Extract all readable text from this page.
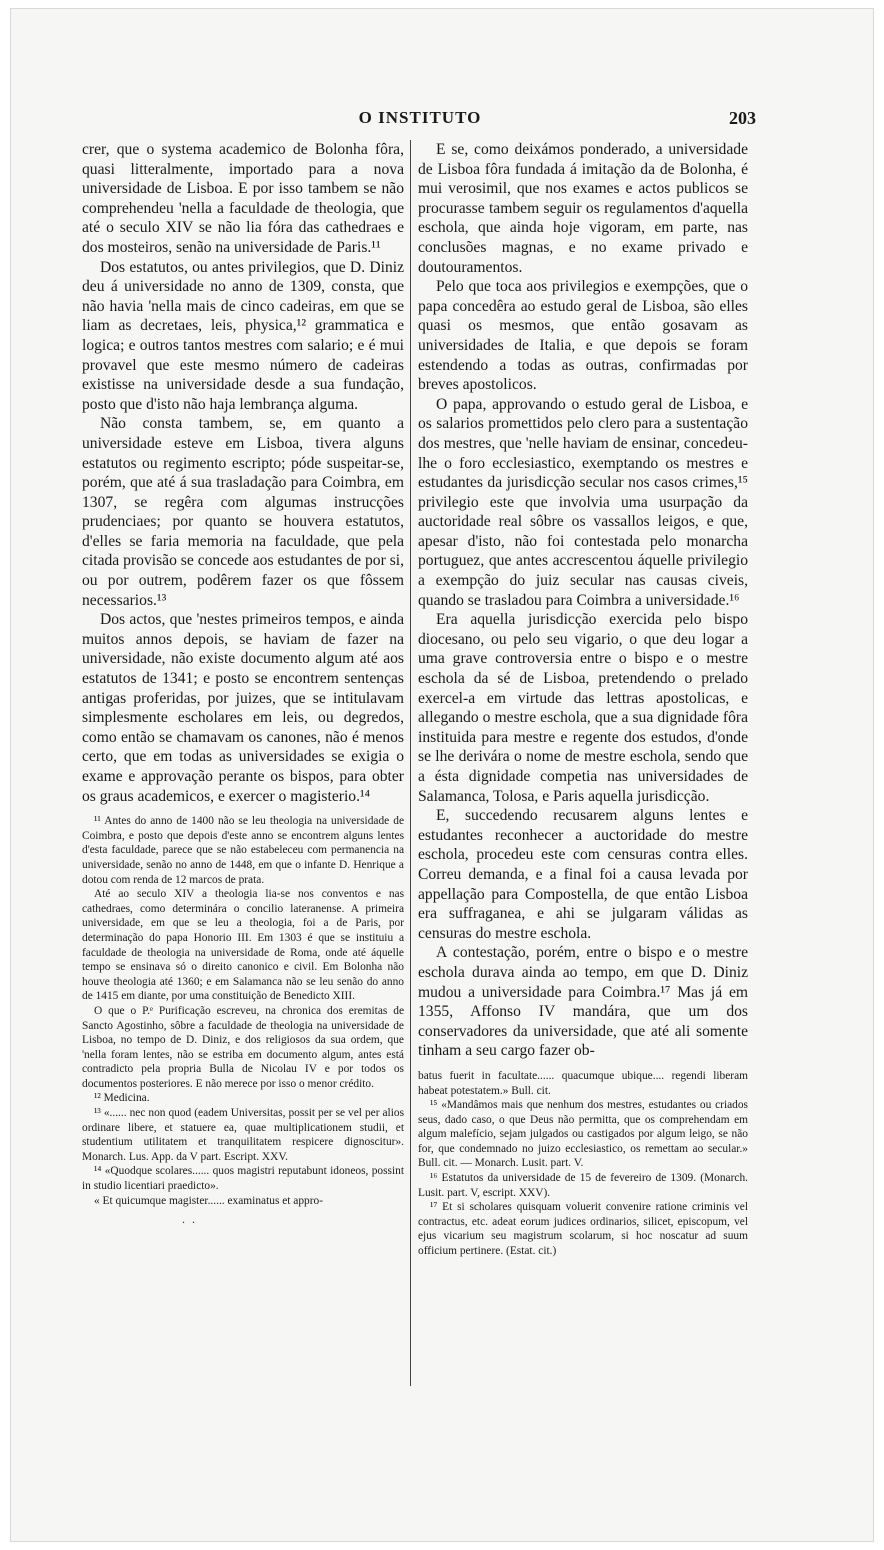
O INSTITUTO	203

crer, que o systema academico de Bolonha fôra, quasi litteralmente, importado para a nova universidade de Lisboa. E por isso tambem se não comprehendeu 'nella a faculdade de theologia, que até o seculo XIV se não lia fóra das cathedraes e dos mosteiros, senão na universidade de Paris.¹¹

Dos estatutos, ou antes privilegios, que D. Diniz deu á universidade no anno de 1309, consta, que não havia 'nella mais de cinco cadeiras, em que se liam as decretaes, leis, physica,¹² grammatica e logica; e outros tantos mestres com salario; e é mui provavel que este mesmo número de cadeiras existisse na universidade desde a sua fundação, posto que d'isto não haja lembrança alguma.

Não consta tambem, se, em quanto a universidade esteve em Lisboa, tivera alguns estatutos ou regimento escripto; póde suspeitar-se, porém, que até á sua trasladação para Coimbra, em 1307, se regêra com algumas instrucções prudenciaes; por quanto se houvera estatutos, d'elles se faria memoria na faculdade, que pela citada provisão se concede aos estudantes de por si, ou por outrem, podêrem fazer os que fôssem necessarios.¹³

Dos actos, que 'nestes primeiros tempos, e ainda muitos annos depois, se haviam de fazer na universidade, não existe documento algum até aos estatutos de 1341; e posto se encontrem sentenças antigas proferidas, por juizes, que se intitulavam simplesmente escholares em leis, ou degredos, como então se chamavam os canones, não é menos certo, que em todas as universidades se exigia o exame e approvação perante os bispos, para obter os graus academicos, e exercer o magisterio.¹⁴

¹¹ Antes do anno de 1400 não se leu theologia na universidade de Coimbra, e posto que depois d'este anno se encontrem alguns lentes d'esta faculdade, parece que se não estabeleceu com permanencia na universidade, senão no anno de 1448, em que o infante D. Henrique a dotou com renda de 12 marcos de prata.

Até ao seculo XIV a theologia lia-se nos conventos e nas cathedraes, como determinára o concilio lateranense. A primeira universidade, em que se leu a theologia, foi a de Paris, por determinação do papa Honorio III. Em 1303 é que se instituiu a faculdade de theologia na universidade de Roma, onde até áquelle tempo se ensinava só o direito canonico e civil. Em Bolonha não houve theologia até 1360; e em Salamanca não se leu senão do anno de 1415 em diante, por uma constituição de Benedicto XIII.

O que o P.ᵉ Purificação escreveu, na chronica dos eremitas de Sancto Agostinho, sôbre a faculdade de theologia na universidade de Lisboa, no tempo de D. Diniz, e dos religiosos da sua ordem, que 'nella foram lentes, não se estriba em documento algum, antes está contradicto pela propria Bulla de Nicolau IV e por todos os documentos posteriores. E não merece por isso o menor crédito.

¹² Medicina.

¹³ «...... nec non quod (eadem Universitas, possit per se vel per alios ordinare libere, et statuere ea, quae multiplicationem studii, et studentium utilitatem et tranquilitatem respicere dignoscitur». Monarch. Lus. App. da V part. Escript. XXV.

¹⁴ «Quodque scolares...... quos magistri reputabunt idoneos, possint in studio licentiari praedicto».

« Et quicumque magister...... examinatus et appro-

. .

E se, como deixámos ponderado, a universidade de Lisboa fôra fundada á imitação da de Bolonha, é mui verosimil, que nos exames e actos publicos se procurasse tambem seguir os regulamentos d'aquella eschola, que ainda hoje vigoram, em parte, nas conclusões magnas, e no exame privado e doutouramentos.

Pelo que toca aos privilegios e exempções, que o papa concedêra ao estudo geral de Lisboa, são elles quasi os mesmos, que então gosavam as universidades de Italia, e que depois se foram estendendo a todas as outras, confirmadas por breves apostolicos.

O papa, approvando o estudo geral de Lisboa, e os salarios promettidos pelo clero para a sustentação dos mestres, que 'nelle haviam de ensinar, concedeu-lhe o foro ecclesiastico, exemptando os mestres e estudantes da jurisdicção secular nos casos crimes,¹⁵ privilegio este que involvia uma usurpação da auctoridade real sôbre os vassallos leigos, e que, apesar d'isto, não foi contestada pelo monarcha portuguez, que antes accrescentou áquelle privilegio a exempção do juiz secular nas causas civeis, quando se trasladou para Coimbra a universidade.¹⁶

Era aquella jurisdicção exercida pelo bispo diocesano, ou pelo seu vigario, o que deu logar a uma grave controversia entre o bispo e o mestre eschola da sé de Lisboa, pretendendo o prelado exercel-a em virtude das lettras apostolicas, e allegando o mestre eschola, que a sua dignidade fôra instituida para mestre e regente dos estudos, d'onde se lhe derivára o nome de mestre eschola, sendo que a ésta dignidade competia nas universidades de Salamanca, Tolosa, e Paris aquella jurisdicção.

E, succedendo recusarem alguns lentes e estudantes reconhecer a auctoridade do mestre eschola, procedeu este com censuras contra elles. Correu demanda, e a final foi a causa levada por appellação para Compostella, de que então Lisboa era suffraganea, e ahi se julgaram válidas as censuras do mestre eschola.

A contestação, porém, entre o bispo e o mestre eschola durava ainda ao tempo, em que D. Diniz mudou a universidade para Coimbra.¹⁷ Mas já em 1355, Affonso IV mandára, que um dos conservadores da universidade, que até ali somente tinham a seu cargo fazer ob-

batus fuerit in facultate...... quacumque ubique.... regendi liberam habeat potestatem.» Bull. cit.

¹⁵ «Mandâmos mais que nenhum dos mestres, estudantes ou criados seus, dado caso, o que Deus não permitta, que os comprehendam em algum malefício, sejam julgados ou castigados por algum leigo, se não for, que condemnado no juizo ecclesiastico, os remettam ao secular.» Bull. cit. — Monarch. Lusit. part. V.

¹⁶ Estatutos da universidade de 15 de fevereiro de 1309. (Monarch. Lusit. part. V, escript. XXV).

¹⁷ Et si scholares quisquam voluerit convenire ratione criminis vel contractus, etc. adeat eorum judices ordinarios, silicet, episcopum, vel ejus vicarium seu magistrum scolarum, si hoc noscatur ad suum officium pertinere. (Estat. cit.)
